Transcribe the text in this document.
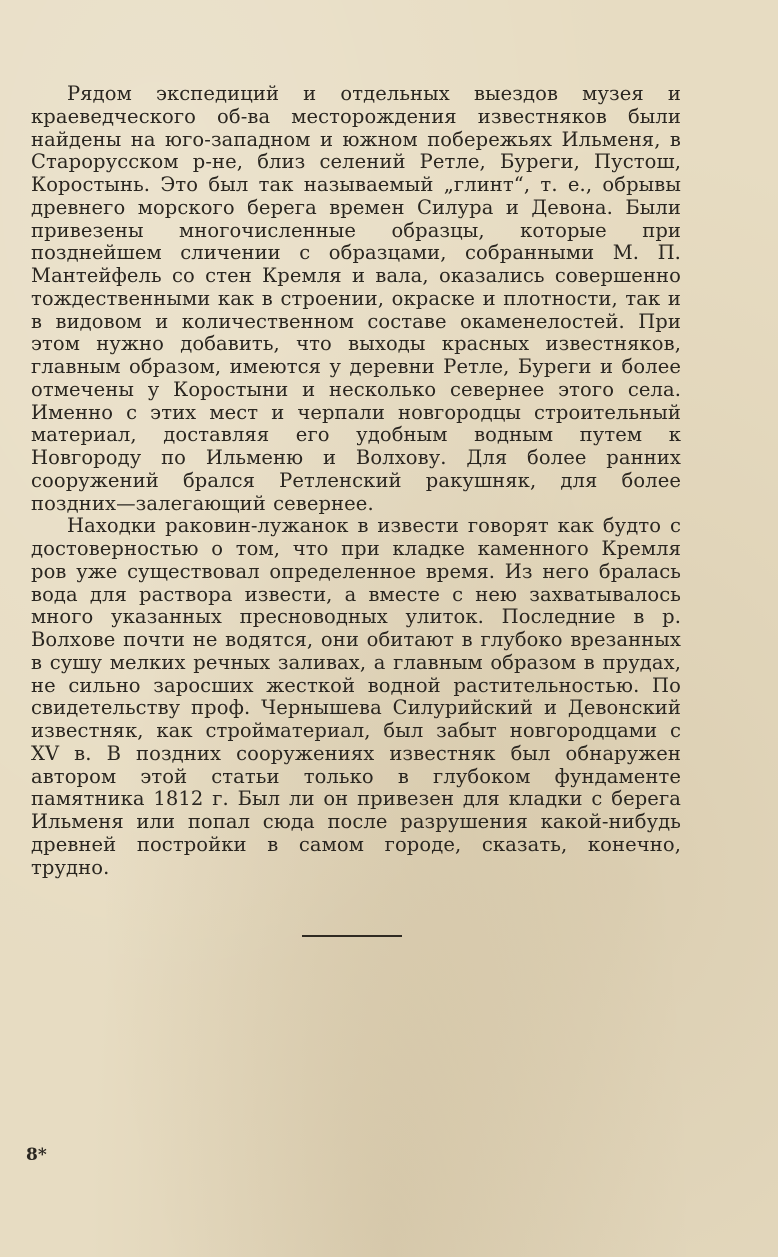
Рядом экспедиций и отдельных выездов музея и краеведческого об-ва месторождения известняков были найдены на юго-западном и южном побережьях Ильменя, в Старорусском р-не, близ селений Ретле, Буреги, Пустош, Коростынь. Это был так называемый „глинт“, т. е., обрывы древнего морского берега времен Силура и Девона. Были привезены многочисленные образцы, которые при позднейшем сличении с образцами, собранными М. П. Мантейфель со стен Кремля и вала, оказались совершенно тождественными как в строении, окраске и плотности, так и в видовом и количественном составе окаменелостей. При этом нужно добавить, что выходы красных известняков, главным образом, имеются у деревни Ретле, Буреги и более отмечены у Коростыни и несколько севернее этого села. Именно с этих мест и черпали новгородцы строительный материал, доставляя его удобным водным путем к Новгороду по Ильменю и Волхову. Для более ранних сооружений брался Ретленский ракушняк, для более поздних—залегающий севернее.

Находки раковин-лужанок в извести говорят как будто с достоверностью о том, что при кладке каменного Кремля ров уже существовал определенное время. Из него бралась вода для раствора извести, а вместе с нею захватывалось много указанных пресноводных улиток. Последние в р. Волхове почти не водятся, они обитают в глубоко врезанных в сушу мелких речных заливах, а главным образом в прудах, не сильно заросших жесткой водной растительностью. По свидетельству проф. Чернышева Силурийский и Девонский известняк, как стройматериал, был забыт новгородцами с XV в. В поздних сооружениях известняк был обнаружен автором этой статьи только в глубоком фундаменте памятника 1812 г. Был ли он привезен для кладки с берега Ильменя или попал сюда после разрушения какой-нибудь древней постройки в самом городе, сказать, конечно, трудно.

8*
